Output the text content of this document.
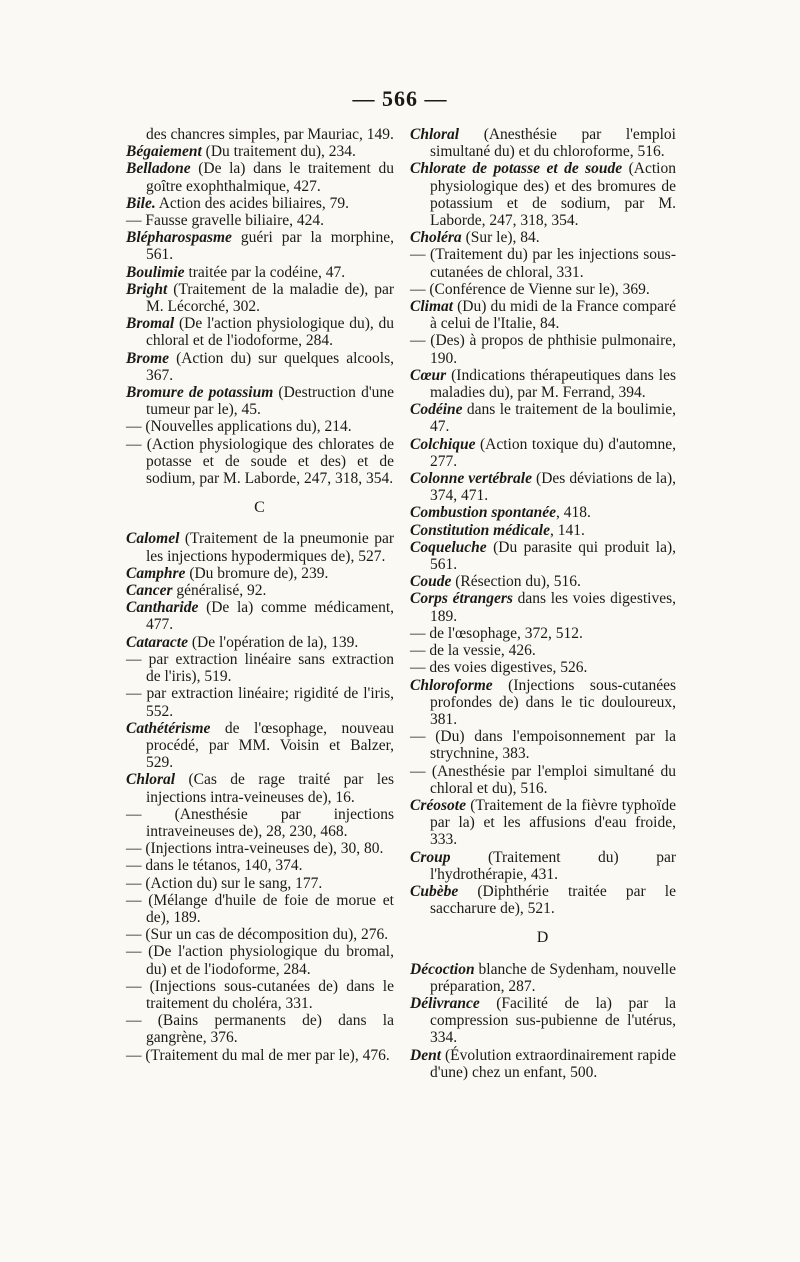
— 566 —
des chancres simples, par Mauriac, 149.
Bégaiement (Du traitement du), 234.
Belladone (De la) dans le traitement du goître exophthalmique, 427.
Bile. Action des acides biliaires, 79.
— Fausse gravelle biliaire, 424.
Blépharospasme guéri par la morphine, 561.
Boulimie traitée par la codéine, 47.
Bright (Traitement de la maladie de), par M. Lécorché, 302.
Bromal (De l'action physiologique du), du chloral et de l'iodoforme, 284.
Brome (Action du) sur quelques alcools, 367.
Bromure de potassium (Destruction d'une tumeur par le), 45.
— (Nouvelles applications du), 214.
— (Action physiologique des chlorates de potasse et de soude et des) et de sodium, par M. Laborde, 247, 318, 354.
C
Calomel (Traitement de la pneumonie par les injections hypodermiques de), 527.
Camphre (Du bromure de), 239.
Cancer généralisé, 92.
Cantharide (De la) comme médicament, 477.
Cataracte (De l'opération de la), 139.
— par extraction linéaire sans extraction de l'iris), 519.
— par extraction linéaire; rigidité de l'iris, 552.
Cathétérisme de l'œsophage, nouveau procédé, par MM. Voisin et Balzer, 529.
Chloral (Cas de rage traité par les injections intra-veineuses de), 16.
— (Anesthésie par injections intraveineuses de), 28, 230, 468.
— (Injections intra-veineuses de), 30, 80.
— dans le tétanos, 140, 374.
— (Action du) sur le sang, 177.
— (Mélange d'huile de foie de morue et de), 189.
— (Sur un cas de décomposition du), 276.
— (De l'action physiologique du bromal, du) et de l'iodoforme, 284.
— (Injections sous-cutanées de) dans le traitement du choléra, 331.
— (Bains permanents de) dans la gangrène, 376.
— (Traitement du mal de mer par le), 476.
Chloral (Anesthésie par l'emploi simultané du) et du chloroforme, 516.
Chlorate de potasse et de soude (Action physiologique des) et des bromures de potassium et de sodium, par M. Laborde, 247, 318, 354.
Choléra (Sur le), 84.
— (Traitement du) par les injections sous-cutanées de chloral, 331.
— (Conférence de Vienne sur le), 369.
Climat (Du) du midi de la France comparé à celui de l'Italie, 84.
— (Des) à propos de phthisie pulmonaire, 190.
Cœur (Indications thérapeutiques dans les maladies du), par M. Ferrand, 394.
Codéine dans le traitement de la boulimie, 47.
Colchique (Action toxique du) d'automne, 277.
Colonne vertébrale (Des déviations de la), 374, 471.
Combustion spontanée, 418.
Constitution médicale, 141.
Coqueluche (Du parasite qui produit la), 561.
Coude (Résection du), 516.
Corps étrangers dans les voies digestives, 189.
— de l'œsophage, 372, 512.
— de la vessie, 426.
— des voies digestives, 526.
Chloroforme (Injections sous-cutanées profondes de) dans le tic douloureux, 381.
— (Du) dans l'empoisonnement par la strychnine, 383.
— (Anesthésie par l'emploi simultané du chloral et du), 516.
Créosote (Traitement de la fièvre typhoïde par la) et les affusions d'eau froide, 333.
Croup (Traitement du) par l'hydrothérapie, 431.
Cubèbe (Diphthérie traitée par le saccharure de), 521.
D
Décoction blanche de Sydenham, nouvelle préparation, 287.
Délivrance (Facilité de la) par la compression sus-pubienne de l'utérus, 334.
Dent (Évolution extraordinairement rapide d'une) chez un enfant, 500.
